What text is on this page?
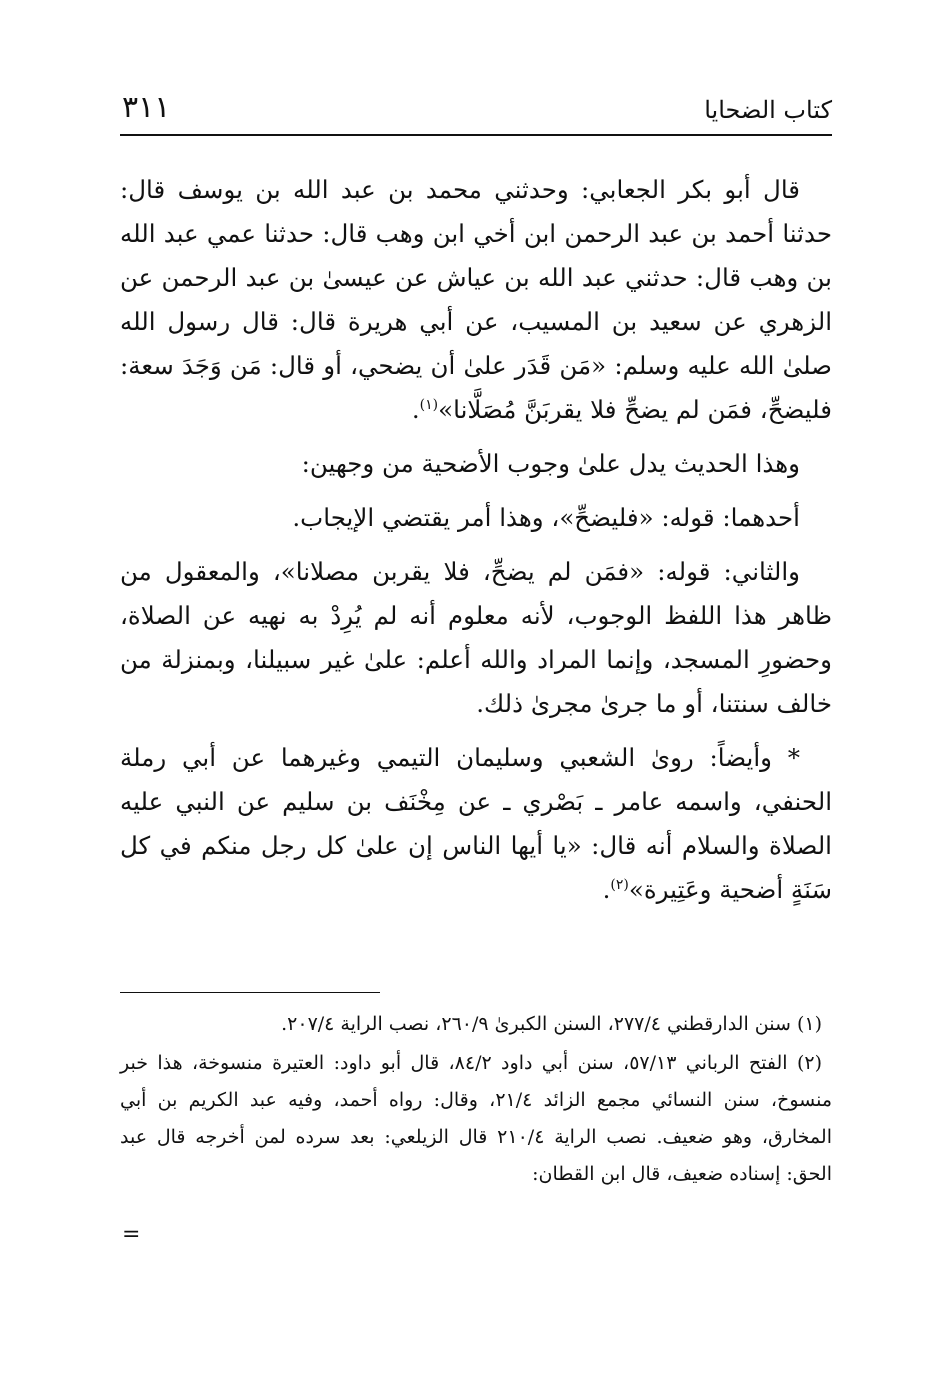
كتاب الضحايا
٣١١

قال أبو بكر الجعابي: وحدثني محمد بن عبد الله بن يوسف قال: حدثنا أحمد بن عبد الرحمن ابن أخي ابن وهب قال: حدثنا عمي عبد الله بن وهب قال: حدثني عبد الله بن عياش عن عيسىٰ بن عبد الرحمن عن الزهري عن سعيد بن المسيب، عن أبي هريرة قال: قال رسول الله صلىٰ الله عليه وسلم: «مَن قَدَر علىٰ أن يضحي، أو قال: مَن وَجَدَ سعة: فليضحِّ، فمَن لم يضحِّ فلا يقربَنَّ مُصَلَّانا»$^{(١)}$.

وهذا الحديث يدل علىٰ وجوب الأضحية من وجهين:

أحدهما: قوله: «فليضحِّ»، وهذا أمر يقتضي الإيجاب.

والثاني: قوله: «فمَن لم يضحِّ، فلا يقربن مصلانا»، والمعقول من ظاهر هذا اللفظ الوجوب، لأنه معلوم أنه لم يُرِدْ به نهيه عن الصلاة، وحضورِ المسجد، وإنما المراد والله أعلم: علىٰ غير سبيلنا، وبمنزلة من خالف سنتنا، أو ما جرىٰ مجرىٰ ذلك.

* وأيضاً: روىٰ الشعبي وسليمان التيمي وغيرهما عن أبي رملة الحنفي، واسمه عامر ـ بَصْري ـ عن مِخْنَف بن سليم عن النبي عليه الصلاة والسلام أنه قال: «يا أيها الناس إن علىٰ كل رجل منكم في كل سَنَةٍ أضحية وعَتِيرة»$^{(٢)}$.

(١) سنن الدارقطني ٢٧٧/٤، السنن الكبرىٰ ٢٦٠/٩، نصب الراية ٢٠٧/٤.

(٢) الفتح الرباني ٥٧/١٣، سنن أبي داود ٨٤/٢، قال أبو داود: العتيرة منسوخة، هذا خبر منسوخ، سنن النسائي مجمع الزائد ٢١/٤، وقال: رواه أحمد، وفيه عبد الكريم بن أبي المخارق، وهو ضعيف. نصب الراية ٢١٠/٤ قال الزيلعي: بعد سرده لمن أخرجه قال عبد الحق: إسناده ضعيف، قال ابن القطان:

=
